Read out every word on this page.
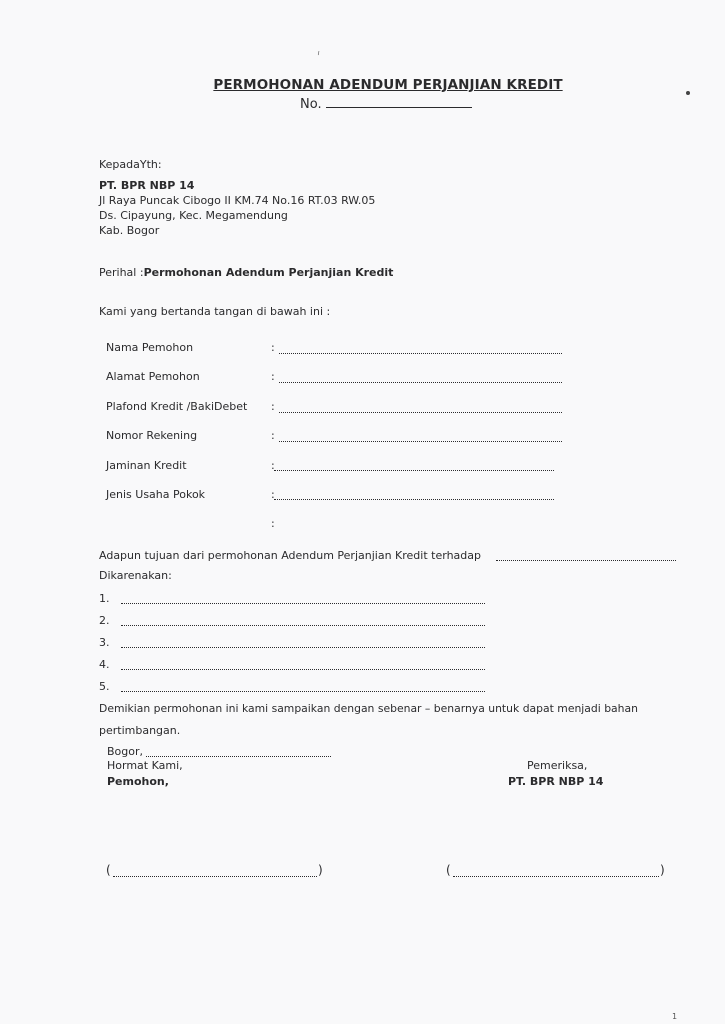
ᐟ
PERMOHONAN ADENDUM PERJANJIAN KREDIT
No.
KepadaYth:
PT. BPR NBP 14
Jl Raya Puncak Cibogo II KM.74 No.16 RT.03 RW.05
Ds. Cipayung, Kec. Megamendung
Kab. Bogor
Perihal :Permohonan Adendum Perjanjian Kredit
Kami yang bertanda tangan di bawah ini :
Nama Pemohon	:
Alamat Pemohon	:
Plafond Kredit /BakiDebet :
Nomor Rekening	:
Jaminan Kredit	:
Jenis Usaha Pokok	:
:
Adapun tujuan dari permohonan Adendum Perjanjian Kredit terhadap
Dikarenakan:
1.
2.
3.
4.
5.
Demikian permohonan ini kami sampaikan dengan sebenar – benarnya untuk dapat menjadi bahan
pertimbangan.
Bogor,
Hormat Kami,
Pemohon,
Pemeriksa,
PT. BPR NBP 14
(	)	(	)
1
